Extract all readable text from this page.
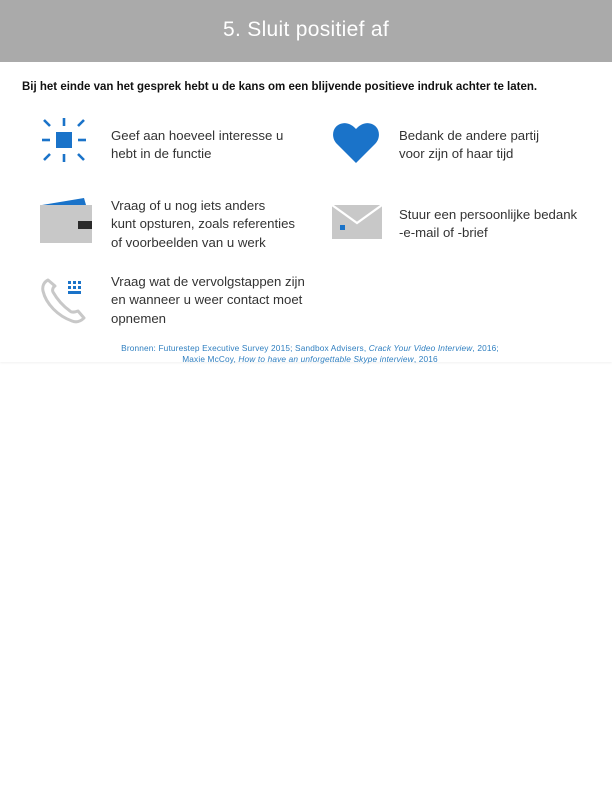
5. Sluit positief af
Bij het einde van het gesprek hebt u de kans om een blijvende positieve indruk achter te laten.
Geef aan hoeveel interesse u
hebt in de functie
Bedank de andere partij
voor zijn of haar tijd
Vraag of u nog iets anders
kunt opsturen, zoals referenties
of voorbeelden van u werk
Stuur een persoonlijke bedank
-e-mail of -brief
Vraag wat de vervolgstappen zijn
en wanneer u weer contact moet
opnemen
Bronnen: Futurestep Executive Survey 2015; Sandbox Advisers, Crack Your Video Interview, 2016;
Maxie McCoy, How to have an unforgettable Skype interview, 2016
